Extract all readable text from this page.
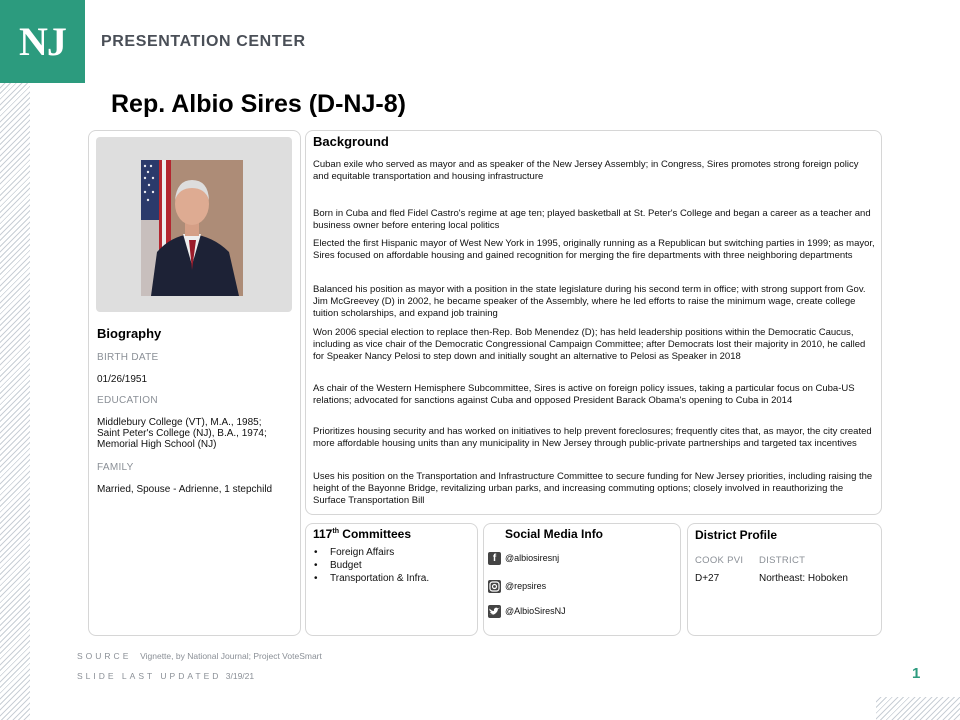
NJ	PRESENTATION CENTER
Rep. Albio Sires (D-NJ-8)
Biography
BIRTH DATE
01/26/1951
EDUCATION
Middlebury College (VT), M.A., 1985;
Saint Peter's College (NJ), B.A., 1974;
Memorial High School (NJ)
FAMILY
Married, Spouse - Adrienne, 1 stepchild
Background
Cuban exile who served as mayor and as speaker of the New Jersey Assembly; in Congress, Sires promotes strong foreign policy and equitable transportation and housing infrastructure
Born in Cuba and fled Fidel Castro's regime at age ten; played basketball at St. Peter's College and began a career as a teacher and business owner before entering local politics
Elected the first Hispanic mayor of West New York in 1995, originally running as a Republican but switching parties in 1999; as mayor, Sires focused on affordable housing and gained recognition for merging the fire departments with three neighboring departments
Balanced his position as mayor with a position in the state legislature during his second term in office; with strong support from Gov. Jim McGreevey (D) in 2002, he became speaker of the Assembly, where he led efforts to raise the minimum wage, create college tuition scholarships, and expand job training
Won 2006 special election to replace then-Rep. Bob Menendez (D); has held leadership positions within the Democratic Caucus, including as vice chair of the Democratic Congressional Campaign Committee; after Democrats lost their majority in 2010, he called for Speaker Nancy Pelosi to step down and initially sought an alternative to Pelosi as Speaker in 2018
As chair of the Western Hemisphere Subcommittee, Sires is active on foreign policy issues, taking a particular focus on Cuba-US relations; advocated for sanctions against Cuba and opposed President Barack Obama's opening to Cuba in 2014
Prioritizes housing security and has worked on initiatives to help prevent foreclosures; frequently cites that, as mayor, the city created more affordable housing units than any municipality in New Jersey through public-private partnerships and targeted tax incentives
Uses his position on the Transportation and Infrastructure Committee to secure funding for New Jersey priorities, including raising the height of the Bayonne Bridge, revitalizing urban parks, and increasing commuting options; closely involved in reauthorizing the Surface Transportation Bill
117th Committees
• Foreign Affairs
• Budget
• Transportation & Infra.
Social Media Info
f @albiosiresnj
@repsires
@AlbioSiresNJ
District Profile
COOK PVI DISTRICT
D+27	Northeast: Hoboken
SOURCE Vignette, by National Journal; Project VoteSmart
SLIDE LAST UPDATED 3/19/21	1
